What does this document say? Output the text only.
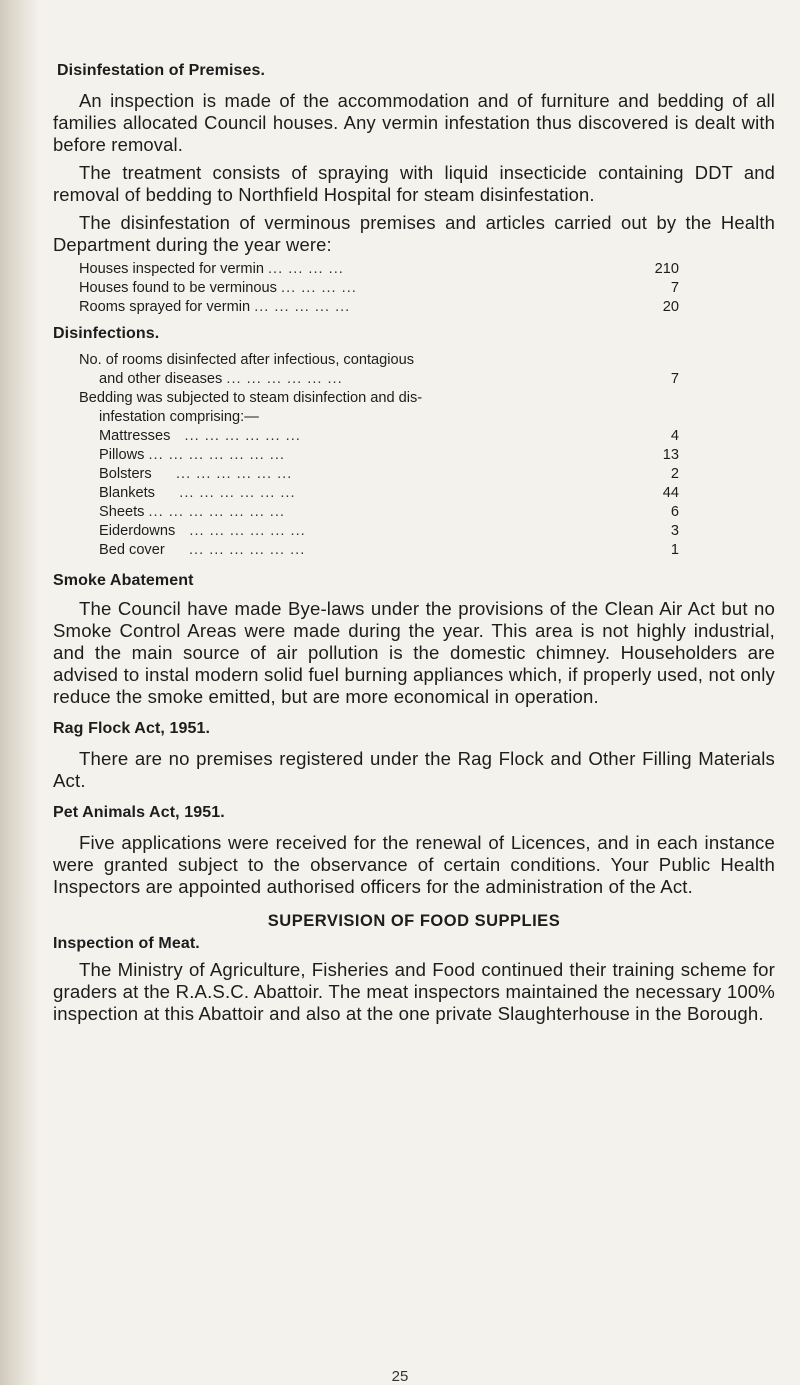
Disinfestation of Premises.

An inspection is made of the accommodation and of furniture and bedding of all families allocated Council houses. Any vermin infestation thus discovered is dealt with before removal.

The treatment consists of spraying with liquid insecticide containing DDT and removal of bedding to Northfield Hospital for steam disinfestation.

The disinfestation of verminous premises and articles carried out by the Health Department during the year were:

Houses inspected for vermin ... ... ... ...	210
Houses found to be verminous ... ... ... ...	7
Rooms sprayed for vermin ... ... ... ... ...	20
Disinfections.
No. of rooms disinfected after infectious, contagious
and other diseases ... ... ... ... ... ...	7
Bedding was subjected to steam disinfection and dis-
infestation comprising:—
Mattresses   ... ... ... ... ... ...	4
Pillows ... ... ... ... ... ... ...	13
Bolsters     ... ... ... ... ... ...	2
Blankets     ... ... ... ... ... ...	44
Sheets ... ... ... ... ... ... ...	6
Eiderdowns   ... ... ... ... ... ...	3
Bed cover     ... ... ... ... ... ...	1
Smoke Abatement

The Council have made Bye-laws under the provisions of the Clean Air Act but no Smoke Control Areas were made during the year. This area is not highly industrial, and the main source of air pollution is the domestic chimney. Householders are advised to instal modern solid fuel burning appliances which, if properly used, not only reduce the smoke emitted, but are more economical in operation.

Rag Flock Act, 1951.

There are no premises registered under the Rag Flock and Other Filling Materials Act.

Pet Animals Act, 1951.

Five applications were received for the renewal of Licences, and in each instance were granted subject to the observance of certain conditions. Your Public Health Inspectors are appointed authorised officers for the administration of the Act.

SUPERVISION OF FOOD SUPPLIES
Inspection of Meat.

The Ministry of Agriculture, Fisheries and Food continued their training scheme for graders at the R.A.S.C. Abattoir. The meat inspectors maintained the necessary 100% inspection at this Abattoir and also at the one private Slaughterhouse in the Borough.

25
